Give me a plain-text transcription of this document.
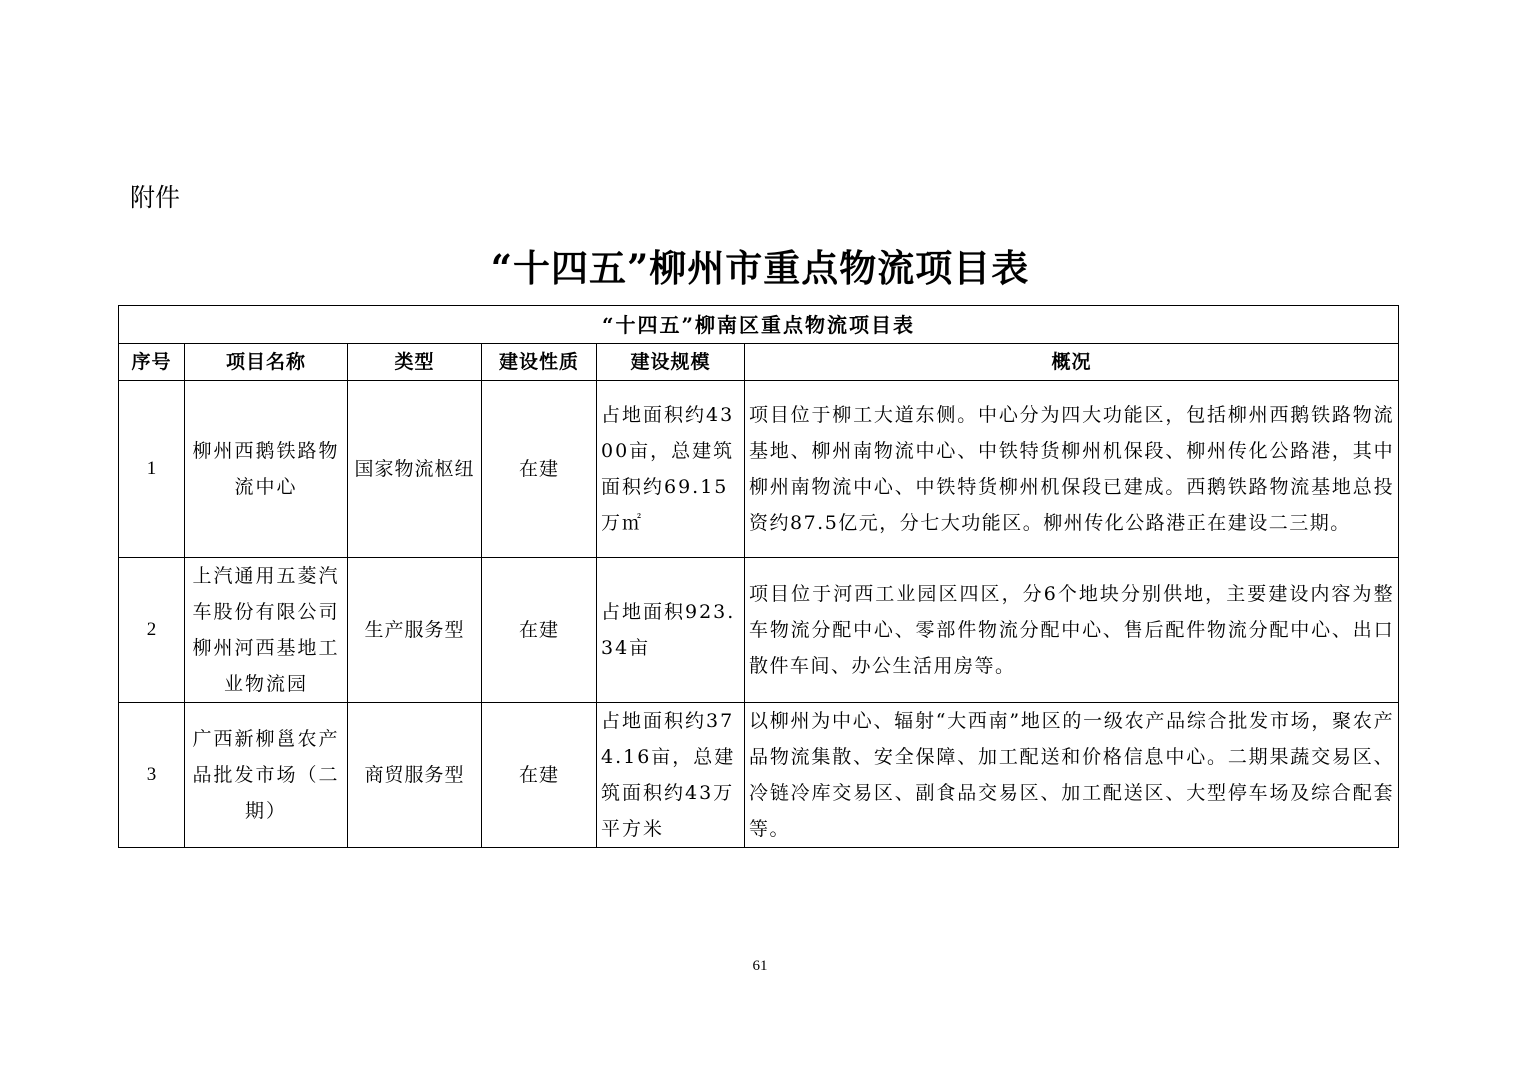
附件
“十四五”柳州市重点物流项目表
“十四五”柳南区重点物流项目表					
序号	项目名称	类型	建设性质	建设规模	概况
1	柳州西鹅铁路物流中心	国家物流枢纽	在建	占地面积约4300亩，总建筑面积约69.15万㎡	项目位于柳工大道东侧。中心分为四大功能区，包括柳州西鹅铁路物流基地、柳州南物流中心、中铁特货柳州机保段、柳州传化公路港，其中柳州南物流中心、中铁特货柳州机保段已建成。西鹅铁路物流基地总投资约87.5亿元，分七大功能区。柳州传化公路港正在建设二三期。
2	上汽通用五菱汽车股份有限公司柳州河西基地工业物流园	生产服务型	在建	占地面积923.34亩	项目位于河西工业园区四区，分6个地块分别供地，主要建设内容为整车物流分配中心、零部件物流分配中心、售后配件物流分配中心、出口散件车间、办公生活用房等。
3	广西新柳邕农产品批发市场（二期）	商贸服务型	在建	占地面积约374.16亩，总建筑面积约43万平方米	以柳州为中心、辐射“大西南”地区的一级农产品综合批发市场，聚农产品物流集散、安全保障、加工配送和价格信息中心。二期果蔬交易区、冷链冷库交易区、副食品交易区、加工配送区、大型停车场及综合配套等。
61
